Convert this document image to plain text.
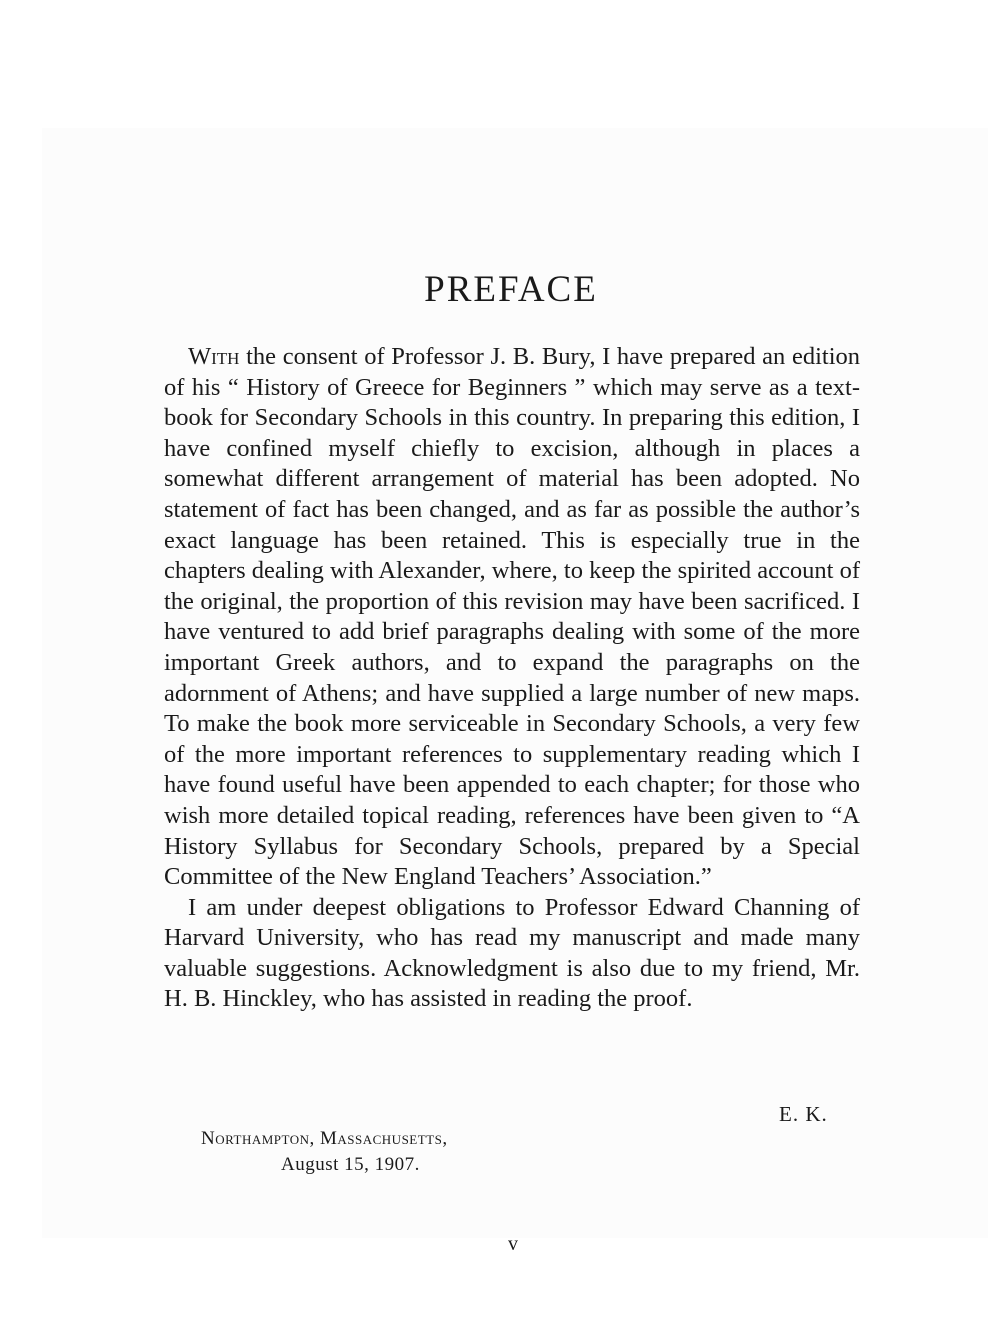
PREFACE

With the consent of Professor J. B. Bury, I have prepared an edition of his “ History of Greece for Beginners ” which may serve as a text-book for Secondary Schools in this country. In preparing this edition, I have confined myself chiefly to excision, although in places a somewhat different arrangement of material has been adopted. No statement of fact has been changed, and as far as possible the author’s exact language has been retained. This is especially true in the chapters dealing with Alexander, where, to keep the spirited account of the original, the proportion of this revision may have been sacrificed. I have ventured to add brief paragraphs dealing with some of the more important Greek authors, and to expand the paragraphs on the adornment of Athens; and have supplied a large number of new maps. To make the book more serviceable in Secondary Schools, a very few of the more important references to supplementary reading which I have found useful have been appended to each chapter; for those who wish more detailed topical reading, references have been given to “A History Syllabus for Secondary Schools, prepared by a Special Committee of the New England Teachers’ Association.”

I am under deepest obligations to Professor Edward Channing of Harvard University, who has read my manuscript and made many valuable suggestions. Acknowledgment is also due to my friend, Mr. H. B. Hinckley, who has assisted in reading the proof.

E. K.
Northampton, Massachusetts,
August 15, 1907.
v
